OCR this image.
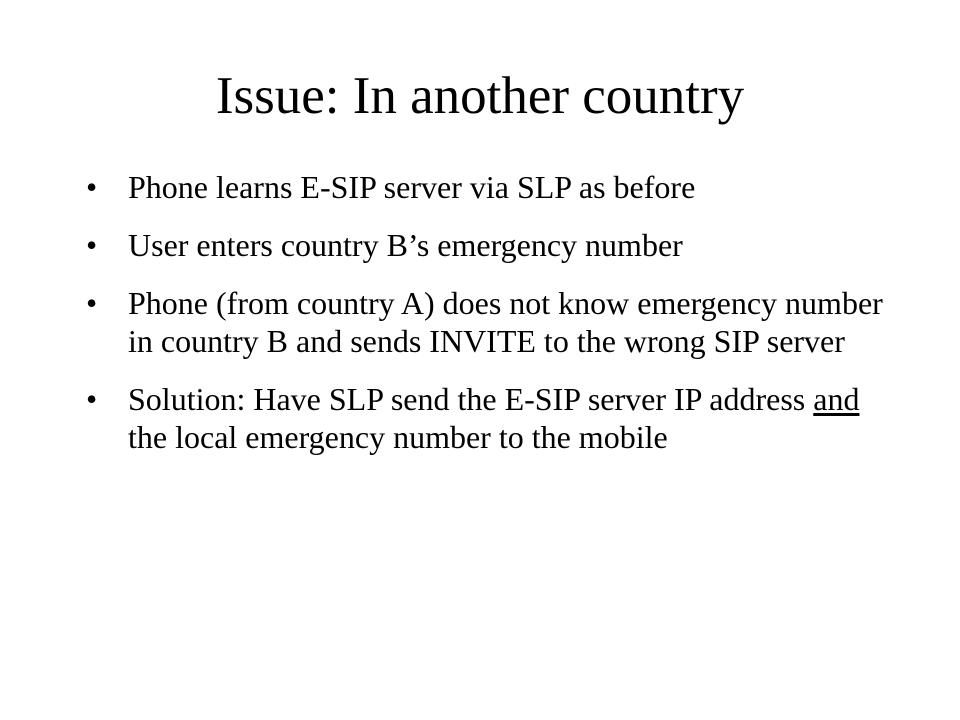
Issue: In another country
• Phone learns E-SIP server via SLP as before
• User enters country B’s emergency number
• Phone (from country A) does not know emergency number in country B and sends INVITE to the wrong SIP server
• Solution: Have SLP send the E-SIP server IP address and the local emergency number to the mobile
